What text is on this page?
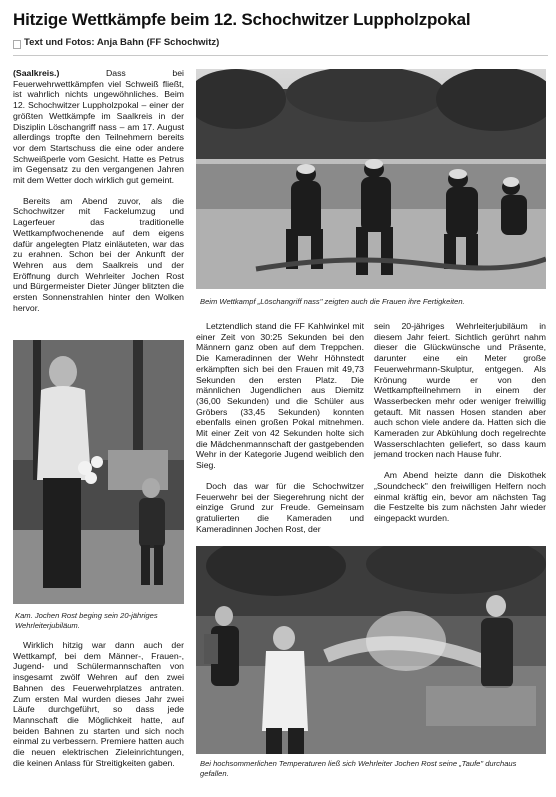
Hitzige Wettkämpfe beim 12. Schochwitzer Luppholzpokal
Text und Fotos: Anja Bahn (FF Schochwitz)

(Saalkreis.)	Dass bei Feuerwehrwettkämpfen viel Schweiß fließt, ist wahrlich nichts ungewöhnliches. Beim 12. Schochwitzer Luppholzpokal – einer der größten Wettkämpfe im Saalkreis in der Disziplin Löschangriff nass – am 17. August allerdings tropfte den Teilnehmern bereits vor dem Startschuss die eine oder andere Schweißperle vom Gesicht. Hatte es Petrus im Gegensatz zu den vergangenen Jahren mit dem Wetter doch wirklich gut gemeint.

Bereits am Abend zuvor, als die Schochwitzer mit Fackelumzug und Lagerfeuer das traditionelle Wettkampfwochenende auf dem eigens dafür angelegten Platz einläuteten, war das zu erahnen. Schon bei der Ankunft der Wehren aus dem Saalkreis und der Eröffnung durch Wehrleiter Jochen Rost und Bürgermeister Dieter Jünger blitzten die ersten Sonnenstrahlen hinter den Wolken hervor.

Beim Wettkampf „Löschangriff nass" zeigten auch die Frauen ihre Fertigkeiten.
Kam. Jochen Rost beging sein 20-jähriges Wehrleiterjubiläum.

Wirklich hitzig war dann auch der Wettkampf, bei dem Männer-, Frauen-, Jugend- und Schülermannschaften von insgesamt zwölf Wehren auf den zwei Bahnen des Feuerwehrplatzes antraten. Zum ersten Mal wurden dieses Jahr zwei Läufe durchgeführt, so dass jede Mannschaft die Möglichkeit hatte, auf beiden Bahnen zu starten und sich noch einmal zu verbessern. Premiere hatten auch die neuen elektrischen Zieleinrichtungen, die keinen Anlass für Streitigkeiten gaben.

Letztendlich stand die FF Kahlwinkel mit einer Zeit von 30:25 Sekunden bei den Männern ganz oben auf dem Treppchen. Die Kameradinnen der Wehr Höhnstedt erkämpften sich bei den Frauen mit 49,73 Sekunden den ersten Platz. Die männlichen Jugendlichen aus Diemitz (36,00 Sekunden) und die Schüler aus Gröbers (33,45 Sekunden) konnten ebenfalls einen großen Pokal mitnehmen. Mit einer Zeit von 42 Sekunden holte sich die Mädchenmannschaft der gastgebenden Wehr in der Kategorie Jugend weiblich den Sieg.

Doch das war für die Schochwitzer Feuerwehr bei der Siegerehrung nicht der einzige Grund zur Freude. Gemeinsam gratulierten die Kameraden und Kameradinnen Jochen Rost, der

sein 20-jähriges Wehrleiterjubiläum in diesem Jahr feiert. Sichtlich gerührt nahm dieser die Glückwünsche und Präsente, darunter eine ein Meter große Feuerwehrmann-Skulptur, entgegen. Als Krönung wurde er von den Wettkampfteilnehmern in einem der Wasserbecken mehr oder weniger freiwillig getauft. Mit nassen Hosen standen aber auch schon viele andere da. Hatten sich die Kameraden zur Abkühlung doch regelrechte Wasserschlachten geliefert, so dass kaum jemand trocken nach Hause fuhr.

Am Abend heizte dann die Diskothek „Soundcheck" den freiwilligen Helfern noch einmal kräftig ein, bevor am nächsten Tag die Festzelte bis zum nächsten Jahr wieder eingepackt wurden.

Bei hochsommerlichen Temperaturen ließ sich Wehrleiter Jochen Rost seine „Taufe" durchaus gefallen.
